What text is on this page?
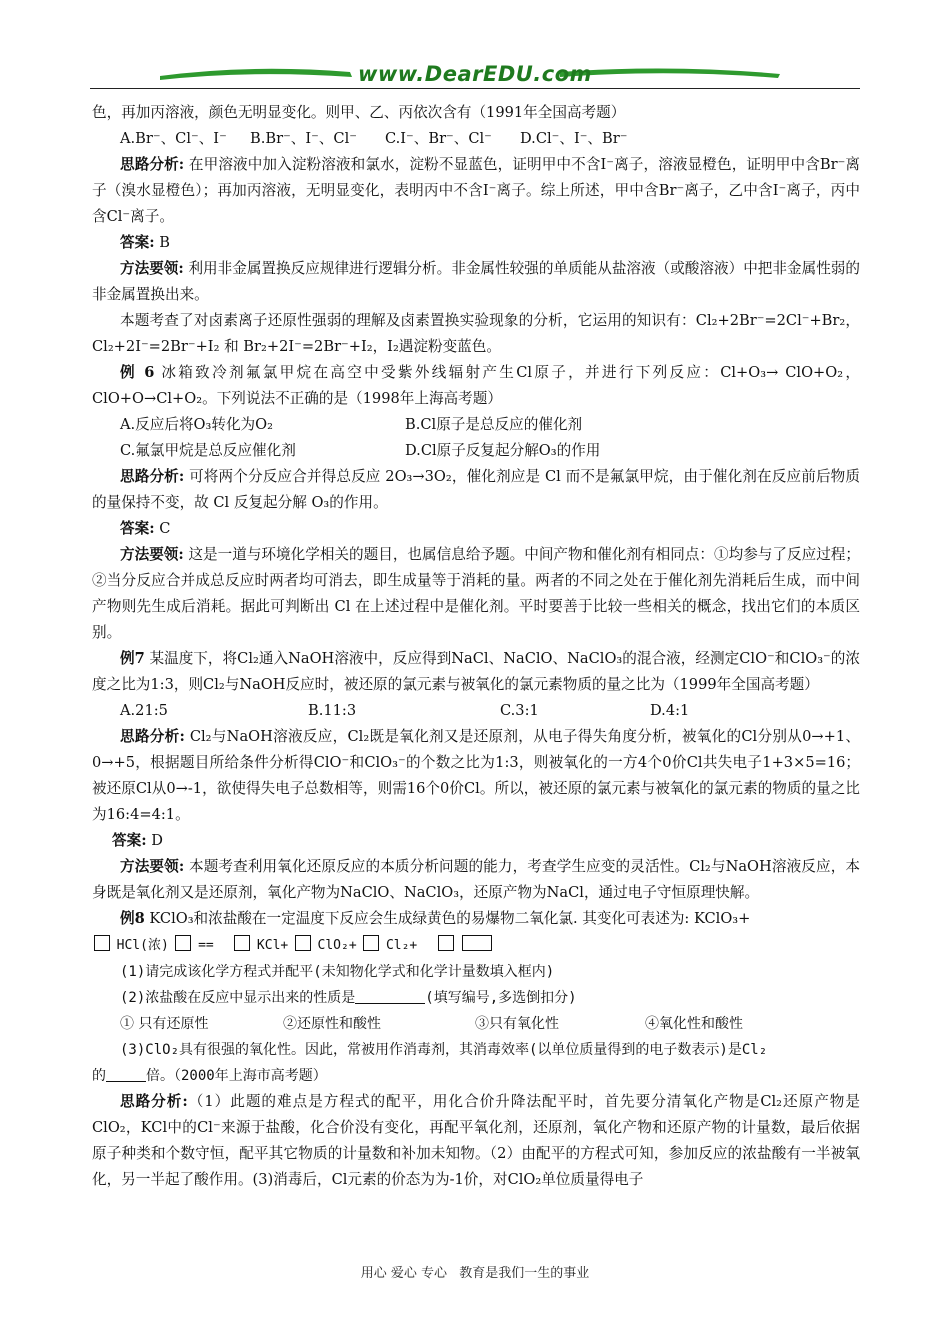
www.DearEDU.com

色，再加丙溶液，颜色无明显变化。则甲、乙、丙依次含有（1991年全国高考题）

A.Br⁻、Cl⁻、I⁻	B.Br⁻、I⁻、Cl⁻	C.I⁻、Br⁻、Cl⁻	D.Cl⁻、I⁻、Br⁻

思路分析: 在甲溶液中加入淀粉溶液和氯水，淀粉不显蓝色，证明甲中不含I⁻离子，溶液显橙色，证明甲中含Br⁻离子（溴水显橙色）；再加丙溶液，无明显变化，表明丙中不含I⁻离子。综上所述，甲中含Br⁻离子，乙中含I⁻离子，丙中含Cl⁻离子。

答案: B

方法要领: 利用非金属置换反应规律进行逻辑分析。非金属性较强的单质能从盐溶液（或酸溶液）中把非金属性弱的非金属置换出来。

本题考查了对卤素离子还原性强弱的理解及卤素置换实验现象的分析，它运用的知识有：Cl₂+2Br⁻=2Cl⁻+Br₂，Cl₂+2I⁻=2Br⁻+I₂ 和 Br₂+2I⁻=2Br⁻+I₂，I₂遇淀粉变蓝色。

例 6 冰箱致冷剂氟氯甲烷在高空中受紫外线辐射产生Cl原子，并进行下列反应：Cl+O₃→ ClO+O₂，ClO+O→Cl+O₂。下列说法不正确的是（1998年上海高考题）

A.反应后将O₃转化为O₂	B.Cl原子是总反应的催化剂
C.氟氯甲烷是总反应催化剂	D.Cl原子反复起分解O₃的作用

思路分析: 可将两个分反应合并得总反应 2O₃→3O₂，催化剂应是 Cl 而不是氟氯甲烷，由于催化剂在反应前后物质的量保持不变，故 Cl 反复起分解 O₃的作用。

答案: C

方法要领: 这是一道与环境化学相关的题目，也属信息给予题。中间产物和催化剂有相同点：①均参与了反应过程；②当分反应合并成总反应时两者均可消去，即生成量等于消耗的量。两者的不同之处在于催化剂先消耗后生成，而中间产物则先生成后消耗。据此可判断出 Cl 在上述过程中是催化剂。平时要善于比较一些相关的概念，找出它们的本质区别。

例7 某温度下，将Cl₂通入NaOH溶液中，反应得到NaCl、NaClO、NaClO₃的混合液，经测定ClO⁻和ClO₃⁻的浓度之比为1:3，则Cl₂与NaOH反应时，被还原的氯元素与被氧化的氯元素物质的量之比为（1999年全国高考题）

A.21:5	B.11:3	C.3:1	D.4:1

思路分析: Cl₂与NaOH溶液反应，Cl₂既是氧化剂又是还原剂，从电子得失角度分析，被氧化的Cl分别从0→+1、0→+5，根据题目所给条件分析得ClO⁻和ClO₃⁻的个数之比为1:3，则被氧化的一方4个0价Cl共失电子1+3×5=16；被还原Cl从0→-1，欲使得失电子总数相等，则需16个0价Cl。所以，被还原的氯元素与被氧化的氯元素的物质的量之比为16:4=4:1。

答案: D

方法要领: 本题考查利用氧化还原反应的本质分析问题的能力，考查学生应变的灵活性。Cl₂与NaOH溶液反应，本身既是氧化剂又是还原剂，氧化产物为NaClO、NaClO₃，还原产物为NaCl，通过电子守恒原理快解。

例8 KClO₃和浓盐酸在一定温度下反应会生成绿黄色的易爆物二氧化氯. 其变化可表述为: KClO₃+

HCl(浓) ==	KCl+ ClO₂+ Cl₂+

(1)请完成该化学方程式并配平(未知物化学式和化学计量数填入框内)

(2)浓盐酸在反应中显示出来的性质是	(填写编号,多选倒扣分)

① 只有还原性	②还原性和酸性	③只有氧化性	④氧化性和酸性

(3)ClO₂具有很强的氧化性。因此，常被用作消毒剂，其消毒效率(以单位质量得到的电子数表示)是Cl₂

的	倍。（2000年上海市高考题）

思路分析:（1）此题的难点是方程式的配平，用化合价升降法配平时，首先要分清氧化产物是Cl₂还原产物是ClO₂，KCl中的Cl⁻来源于盐酸，化合价没有变化，再配平氧化剂，还原剂，氧化产物和还原产物的计量数，最后依据原子种类和个数守恒，配平其它物质的计量数和补加未知物。（2）由配平的方程式可知，参加反应的浓盐酸有一半被氧化，另一半起了酸作用。(3)消毒后，Cl元素的价态为为-1价，对ClO₂单位质量得电子

用心 爱心 专心 教育是我们一生的事业
